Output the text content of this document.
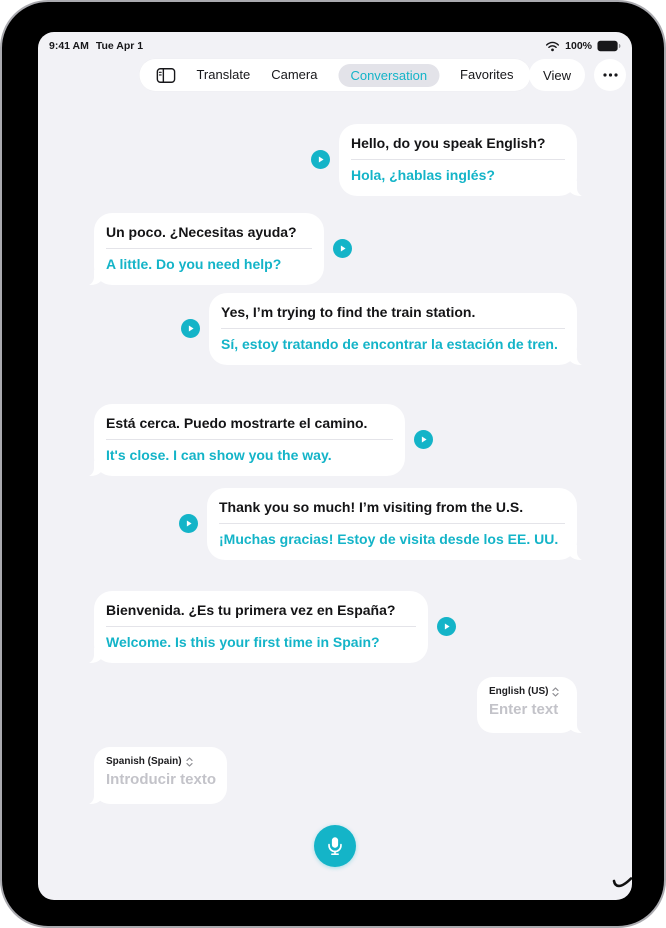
9:41 AM Tue Apr 1	100%
Translate Camera	Conversation	Favorites	View
Hello, do you speak English?
Hola, ¿hablas inglés?
Un poco. ¿Necesitas ayuda?
A little. Do you need help?
Yes, I’m trying to find the train station.
Sí, estoy tratando de encontrar la estación de tren.
Está cerca. Puedo mostrarte el camino.
It's close. I can show you the way.
Thank you so much! I’m visiting from the U.S.
¡Muchas gracias! Estoy de visita desde los EE. UU.
Bienvenida. ¿Es tu primera vez en España?
Welcome. Is this your first time in Spain?
English (US)
Enter text
Spanish (Spain)
Introducir texto
